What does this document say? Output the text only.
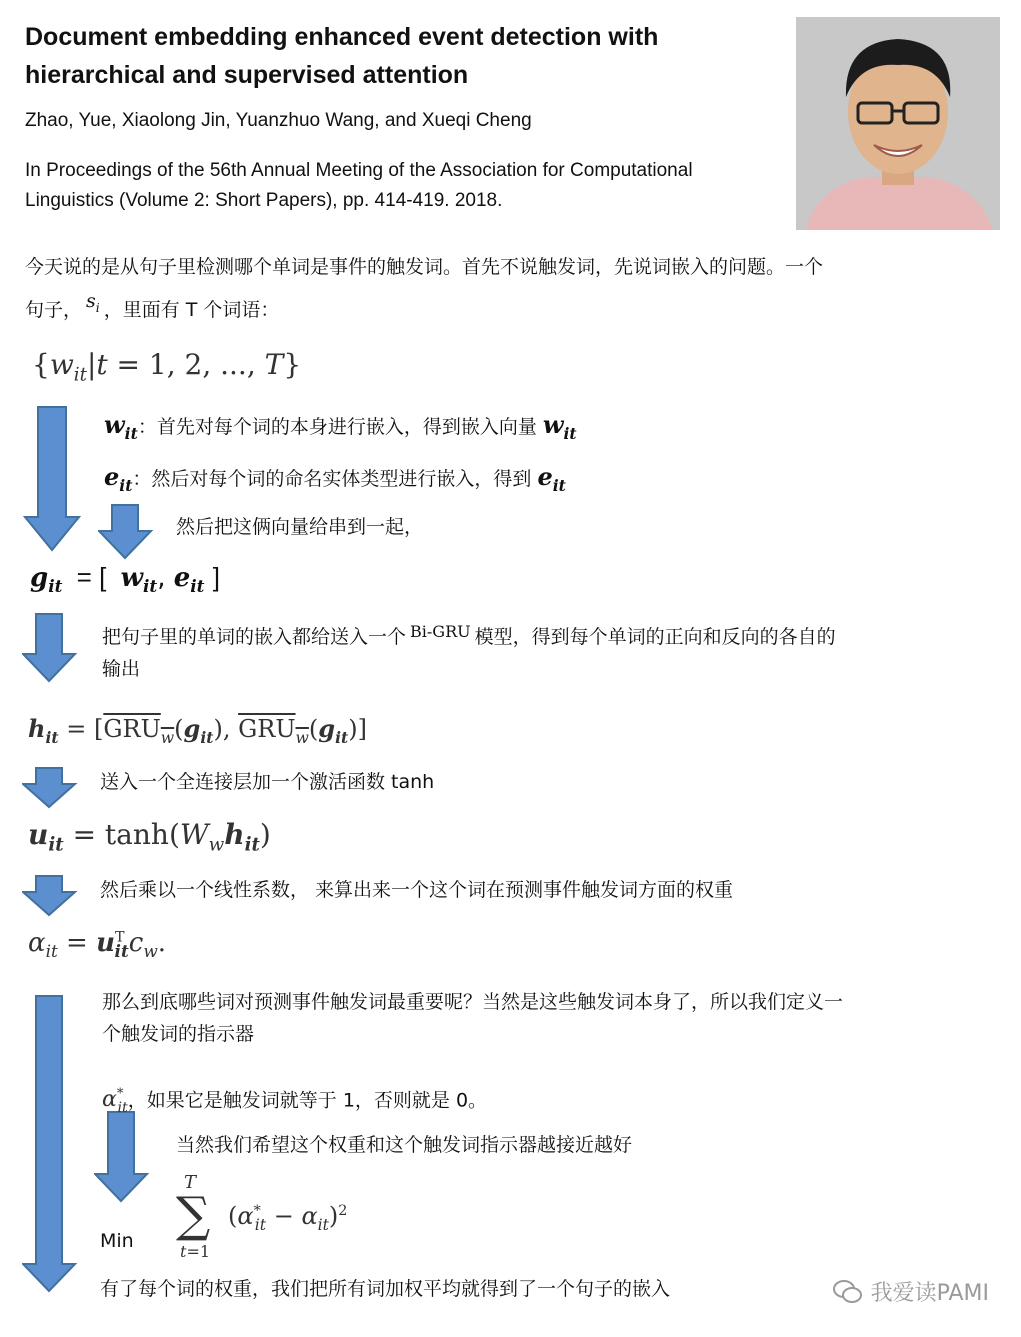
Document embedding enhanced event detection with hierarchical and supervised attention
Zhao, Yue, Xiaolong Jin, Yuanzhuo Wang, and Xueqi Cheng
In Proceedings of the 56th Annual Meeting of the Association for Computational Linguistics (Volume 2: Short Papers), pp. 414-419. 2018.
今天说的是从句子里检测哪个单词是事件的触发词。首先不说触发词，先说词嵌入的问题。一个
句子， $s_i$ ，里面有 T 个词语：
{$w_{it}|t = 1$, 2, ..., T}
$w_{it}$：首先对每个词的本身进行嵌入，得到嵌入向量 $w_{it}$
$e_{it}$：然后对每个词的命名实体类型进行嵌入，得到 $e_{it}$
然后把这俩向量给串到一起，
$g_{it}$ = [ $w_{it}$, $e_{it}$ ]
把句子里的单词的嵌入都给送入一个 $^{Bi-GRU}$ 模型，得到每个单词的正向和反向的各自的
输出
$h_{it} = [GRU_w(g_{it})$, $GRU_w(g_{it})$]
送入一个全连接层加一个激活函数 tanh
$u_{it} = \tanh(W_wh_{it})$
然后乘以一个线性系数， 来算出来一个这个词在预测事件触发词方面的权重
$\alpha_{it} = u^T_{it}c_w$.
那么到底哪些词对预测事件触发词最重要呢？当然是这些触发词本身了，所以我们定义一
个触发词的指示器
$\alpha^*_{it}$，如果它是触发词就等于 1，否则就是 0。
当然我们希望这个权重和这个触发词指示器越接近越好
Min
T
∑
t=1
$(\alpha^*_{it} - \alpha_{it})^2$
有了每个词的权重，我们把所有词加权平均就得到了一个句子的嵌入	我爱读PAMI
